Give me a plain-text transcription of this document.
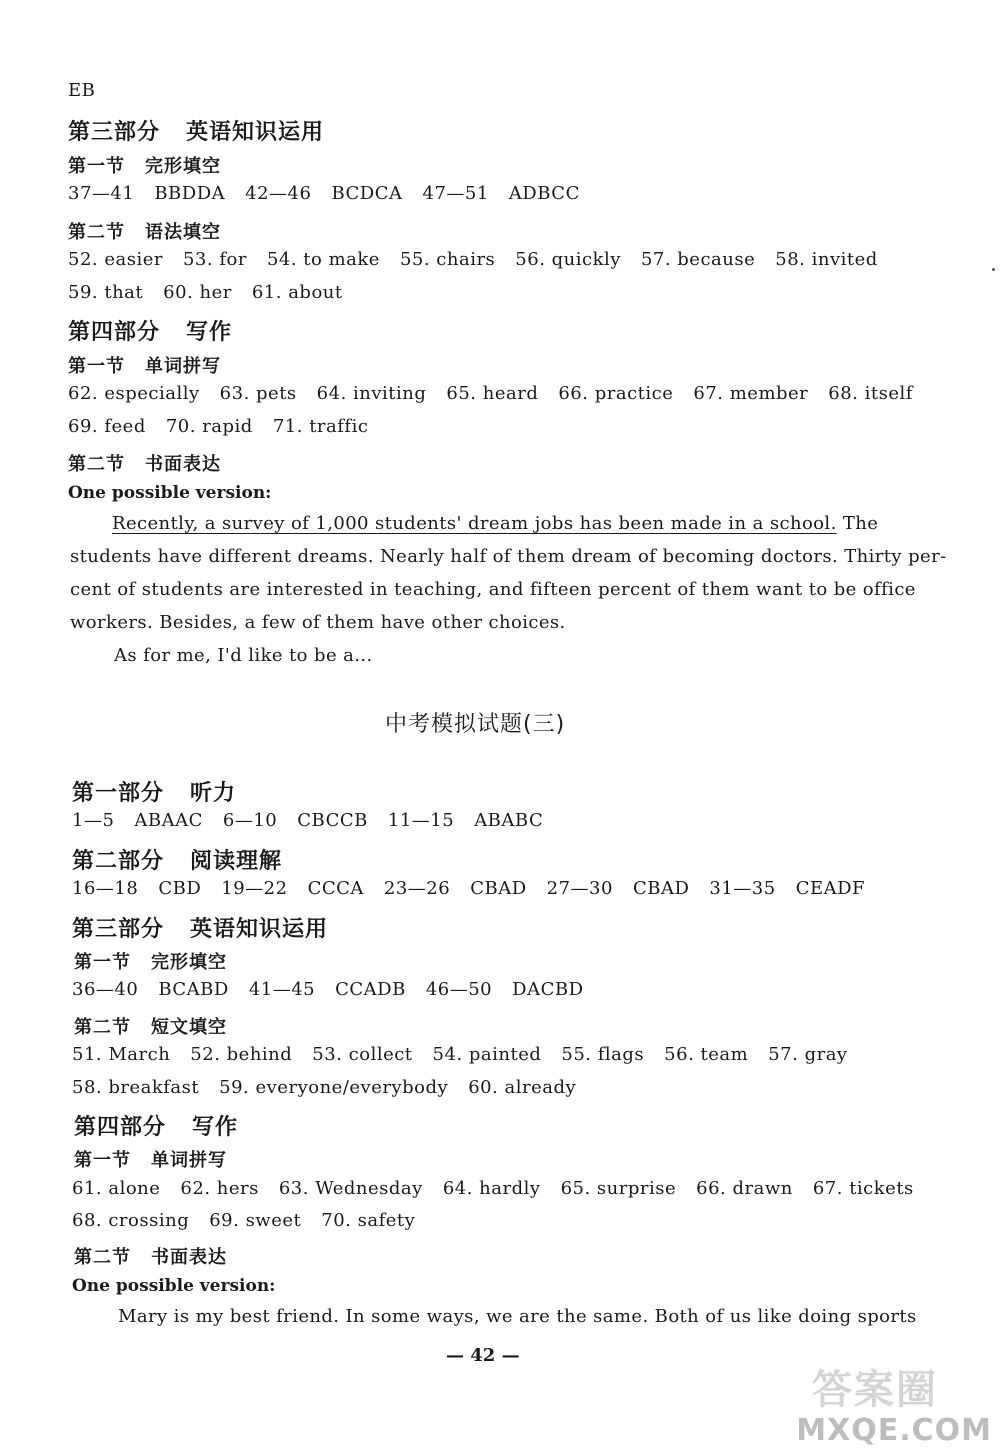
EB
第三部分 英语知识运用
第一节 完形填空
37—41 BBDDA 42—46 BCDCA 47—51 ADBCC
第二节 语法填空
52. easier 53. for 54. to make 55. chairs 56. quickly 57. because 58. invited
59. that 60. her 61. about
第四部分 写作
第一节 单词拼写
62. especially 63. pets 64. inviting 65. heard 66. practice 67. member 68. itself
69. feed 70. rapid 71. traffic
第二节 书面表达
One possible version:
Recently, a survey of 1,000 students' dream jobs has been made in a school. The
students have different dreams. Nearly half of them dream of becoming doctors. Thirty per-
cent of students are interested in teaching, and fifteen percent of them want to be office
workers. Besides, a few of them have other choices.
As for me, I'd like to be a...
中考模拟试题(三)
第一部分 听力
1—5 ABAAC 6—10 CBCCB 11—15 ABABC
第二部分 阅读理解
16—18 CBD 19—22 CCCA 23—26 CBAD 27—30 CBAD 31—35 CEADF
第三部分 英语知识运用
第一节 完形填空
36—40 BCABD 41—45 CCADB 46—50 DACBD
第二节 短文填空
51. March 52. behind 53. collect 54. painted 55. flags 56. team 57. gray
58. breakfast 59. everyone/everybody 60. already
第四部分 写作
第一节 单词拼写
61. alone 62. hers 63. Wednesday 64. hardly 65. surprise 66. drawn 67. tickets
68. crossing 69. sweet 70. safety
第二节 书面表达
One possible version:
Mary is my best friend. In some ways, we are the same. Both of us like doing sports
— 42 —
答案圈
MXQE.COM
